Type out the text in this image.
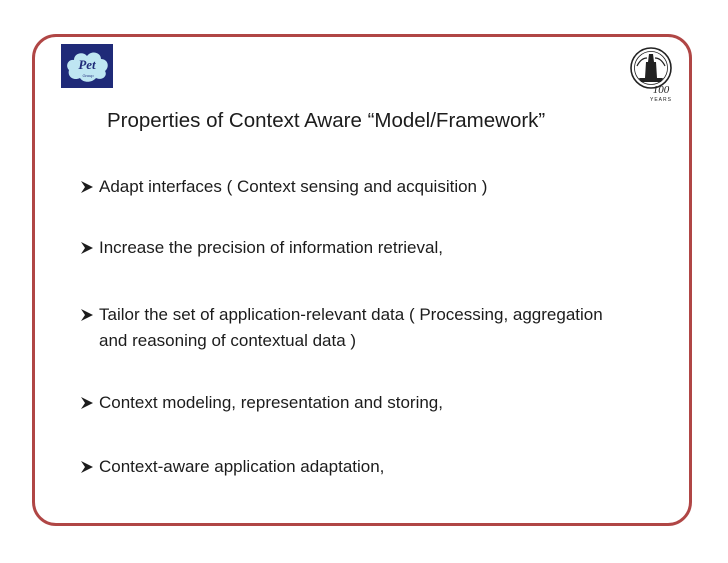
Pet
Group
100
YEARS
Properties of Context Aware “Model/Framework”
Adapt interfaces ( Context sensing and acquisition )
Increase the precision of information retrieval,
Tailor the set of application-relevant data ( Processing, aggregation and reasoning of contextual data )
Context modeling, representation and storing,
Context-aware application adaptation,
